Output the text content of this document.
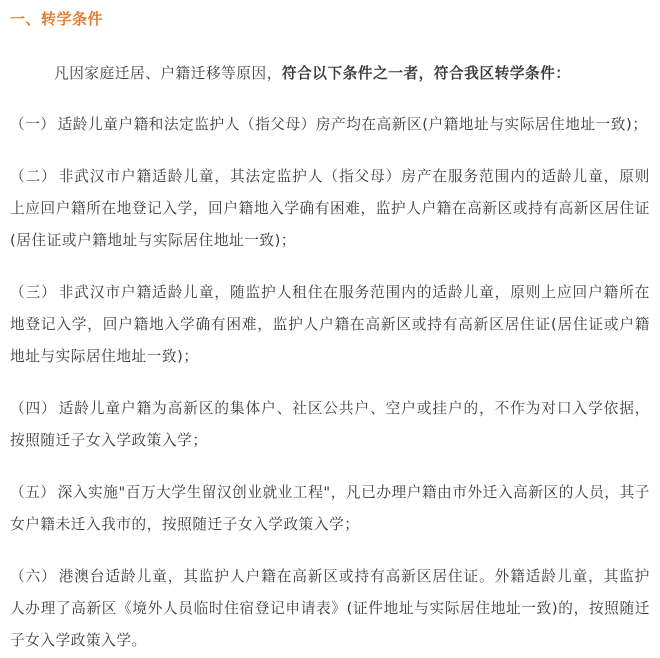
一、转学条件

凡因家庭迁居、户籍迁移等原因，符合以下条件之一者，符合我区转学条件：

（一） 适龄儿童户籍和法定监护人（指父母）房产均在高新区(户籍地址与实际居住地址一致)；

（二） 非武汉市户籍适龄儿童，其法定监护人（指父母）房产在服务范围内的适龄儿童，原则上应回户籍所在地登记入学，回户籍地入学确有困难，监护人户籍在高新区或持有高新区居住证(居住证或户籍地址与实际居住地址一致)；

（三） 非武汉市户籍适龄儿童，随监护人租住在服务范围内的适龄儿童，原则上应回户籍所在地登记入学，回户籍地入学确有困难，监护人户籍在高新区或持有高新区居住证(居住证或户籍地址与实际居住地址一致)；

（四） 适龄儿童户籍为高新区的集体户、社区公共户、空户或挂户的，不作为对口入学依据，按照随迁子女入学政策入学；

（五） 深入实施"百万大学生留汉创业就业工程"，凡已办理户籍由市外迁入高新区的人员，其子女户籍未迁入我市的，按照随迁子女入学政策入学；

（六） 港澳台适龄儿童，其监护人户籍在高新区或持有高新区居住证。外籍适龄儿童，其监护人办理了高新区《境外人员临时住宿登记申请表》(证件地址与实际居住地址一致)的，按照随迁子女入学政策入学。
